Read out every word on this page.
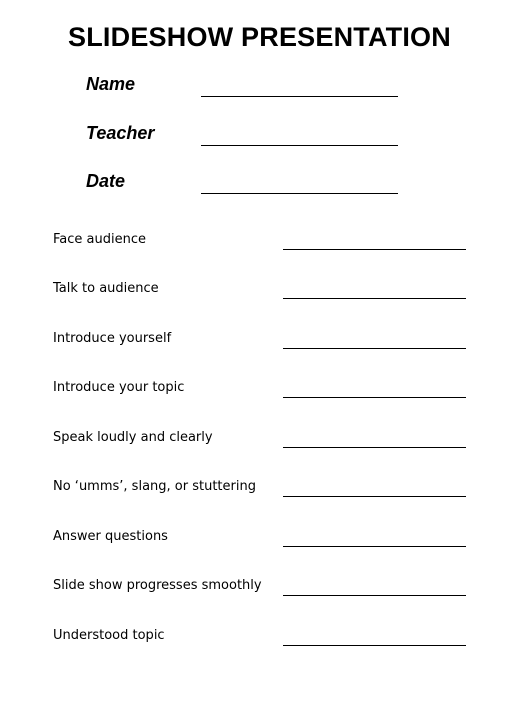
SLIDESHOW PRESENTATION
Name
Teacher
Date
Face audience
Talk to audience
Introduce yourself
Introduce your topic
Speak loudly and clearly
No ‘umms’, slang, or stuttering
Answer questions
Slide show progresses smoothly
Understood topic
